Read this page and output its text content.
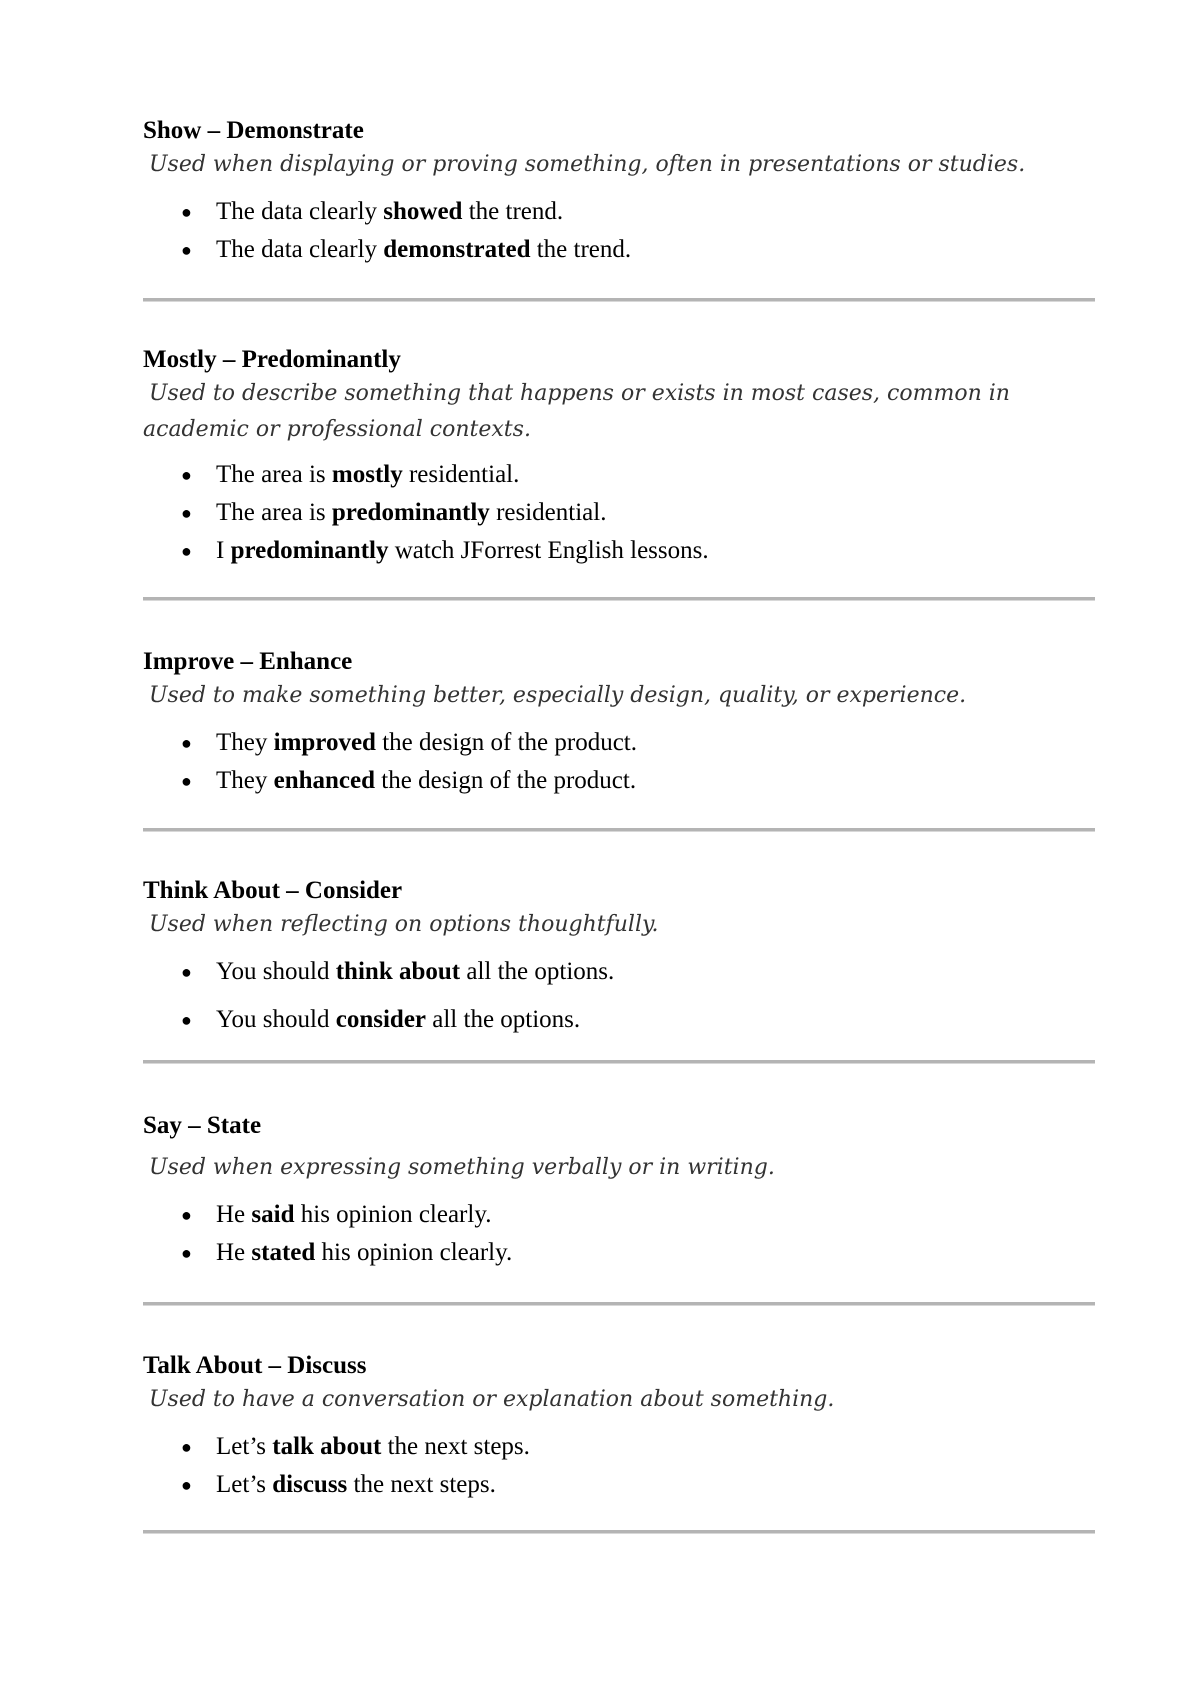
Show – Demonstrate

Used when displaying or proving something, often in presentations or studies.

● The data clearly showed the trend.
● The data clearly demonstrated the trend.

Mostly – Predominantly

Used to describe something that happens or exists in most cases, common in academic or professional contexts.

● The area is mostly residential.
● The area is predominantly residential.
● I predominantly watch JForrest English lessons.

Improve – Enhance

Used to make something better, especially design, quality, or experience.

● They improved the design of the product.
● They enhanced the design of the product.

Think About – Consider

Used when reflecting on options thoughtfully.

● You should think about all the options.
● You should consider all the options.

Say – State

Used when expressing something verbally or in writing.

● He said his opinion clearly.
● He stated his opinion clearly.

Talk About – Discuss

Used to have a conversation or explanation about something.

● Let’s talk about the next steps.
● Let’s discuss the next steps.
